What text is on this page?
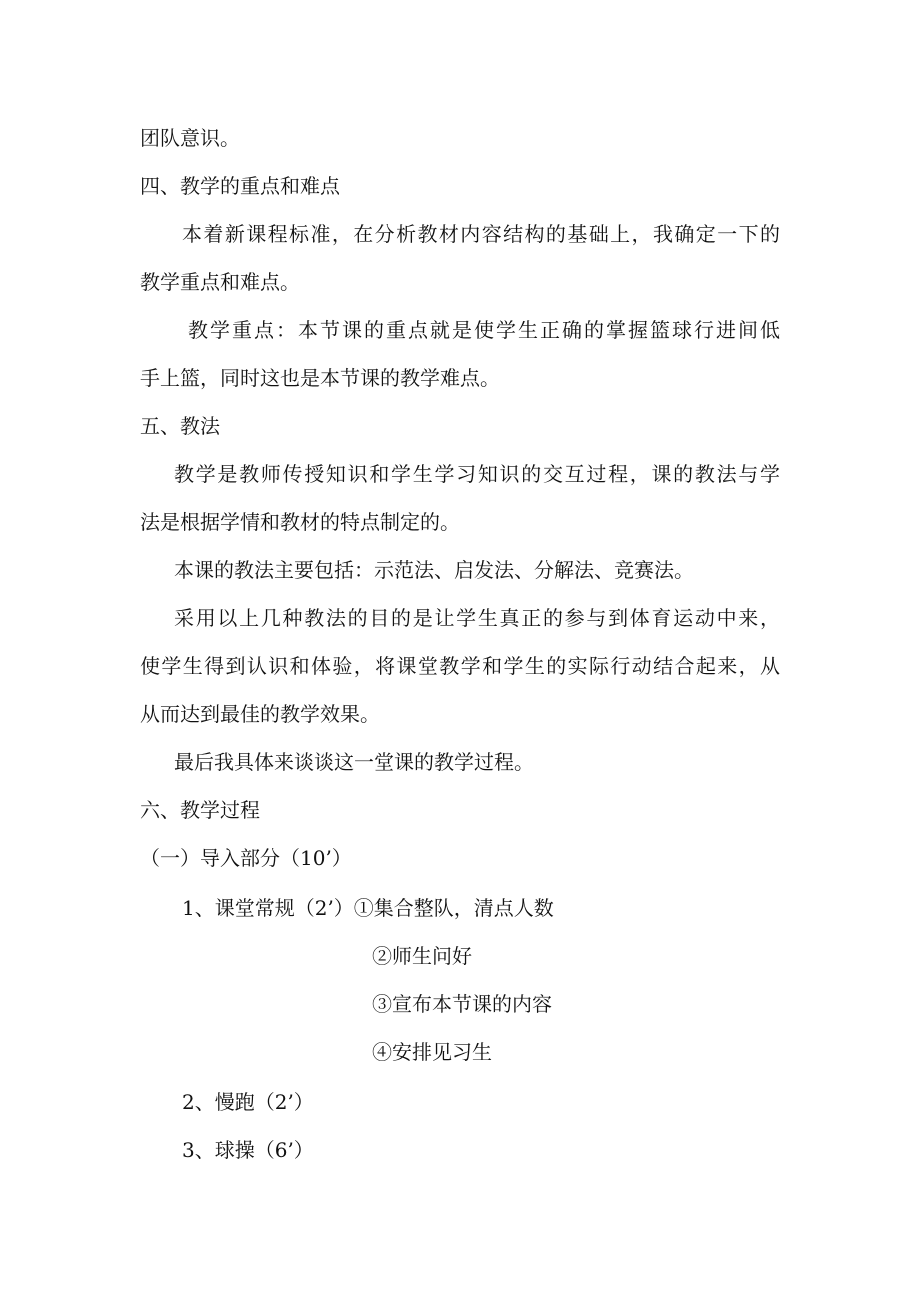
团队意识。
四、教学的重点和难点
本着新课程标准，在分析教材内容结构的基础上，我确定一下的
教学重点和难点。
教学重点：本节课的重点就是使学生正确的掌握篮球行进间低
手上篮，同时这也是本节课的教学难点。
五、教法
教学是教师传授知识和学生学习知识的交互过程，课的教法与学
法是根据学情和教材的特点制定的。
本课的教法主要包括：示范法、启发法、分解法、竞赛法。
采用以上几种教法的目的是让学生真正的参与到体育运动中来，
使学生得到认识和体验，将课堂教学和学生的实际行动结合起来，从
从而达到最佳的教学效果。
最后我具体来谈谈这一堂课的教学过程。
六、教学过程
（一）导入部分（10’）
1、课堂常规（2’）①集合整队，清点人数
②师生问好
③宣布本节课的内容
④安排见习生
2、慢跑（2’）
3、球操（6’）
